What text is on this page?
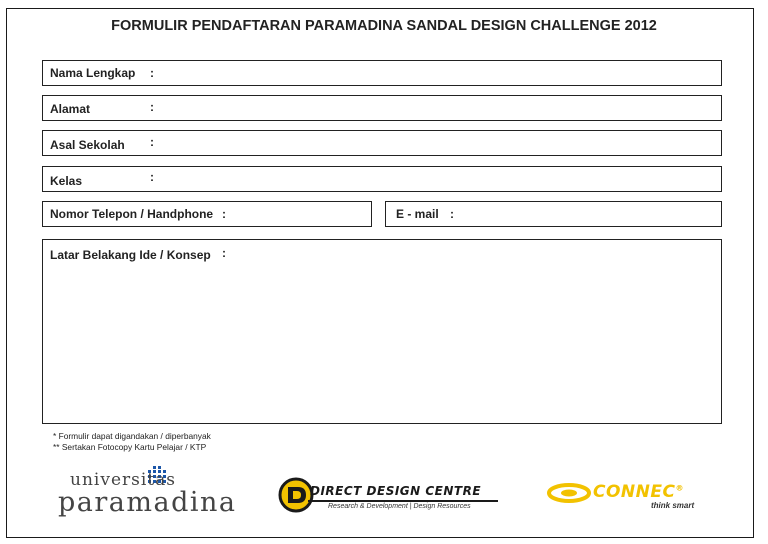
FORMULIR PENDAFTARAN PARAMADINA SANDAL DESIGN CHALLENGE 2012
Nama Lengkap :
Alamat	:
Asal Sekolah :
Kelas	:
Nomor Telepon / Handphone :	E - mail :
Latar Belakang Ide / Konsep :
* Formulir dapat digandakan / diperbanyak
** Sertakan Fotocopy Kartu Pelajar / KTP
universitas
paramadina	DIRECT DESIGN CENTRE
Research & Development | Design Resources
CONNEC®
think smart
